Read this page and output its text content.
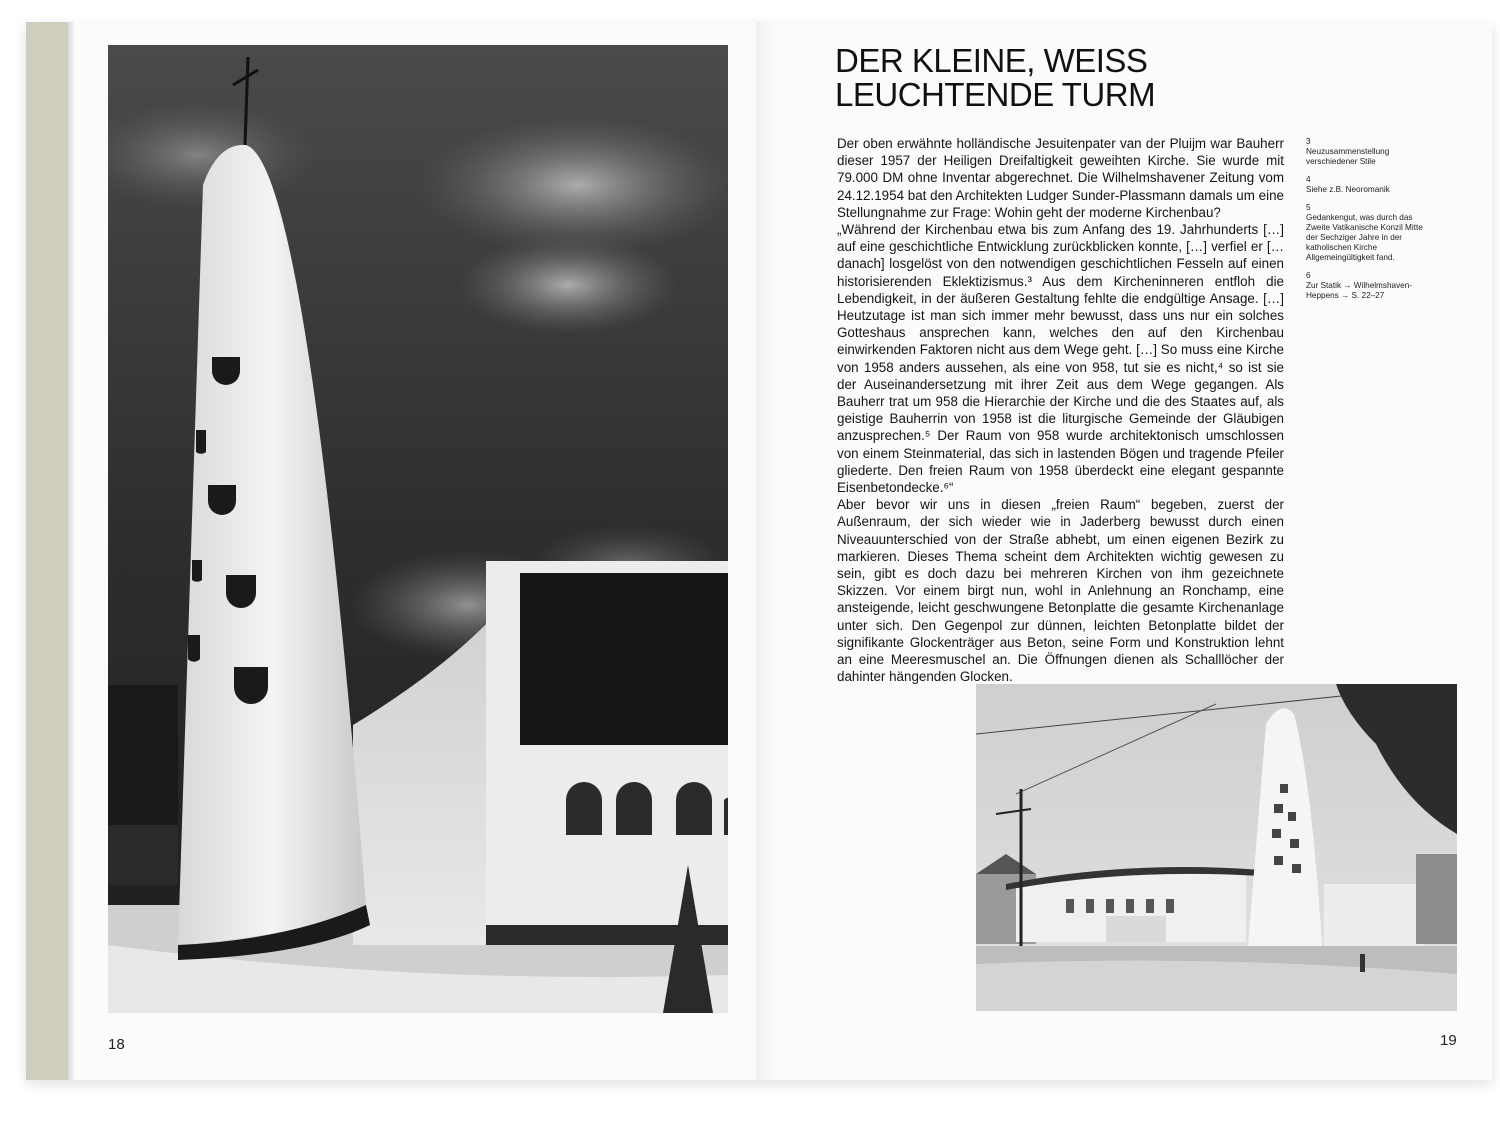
18
DER KLEINE, WEISS
LEUCHTENDE TURM

Der oben erwähnte holländische Jesuitenpater van der Pluijm war Bauherr dieser 1957 der Heiligen Dreifaltigkeit geweihten Kirche. Sie wurde mit 79.000 DM ohne Inventar abgerechnet. Die Wilhelmshavener Zeitung vom 24.12.1954 bat den Architekten Ludger Sunder-Plassmann damals um eine Stellungnahme zur Frage: Wohin geht der moderne Kirchenbau?

„Während der Kirchenbau etwa bis zum Anfang des 19. Jahrhunderts […] auf eine geschichtliche Entwicklung zurückblicken konnte, […] verfiel er [… danach] losgelöst von den notwendigen geschichtlichen Fesseln auf einen historisierenden Eklektizismus.³ Aus dem Kircheninneren entfloh die Lebendigkeit, in der äußeren Gestaltung fehlte die endgültige Ansage. […] Heutzutage ist man sich immer mehr bewusst, dass uns nur ein solches Gotteshaus ansprechen kann, welches den auf den Kirchenbau einwirkenden Faktoren nicht aus dem Wege geht. […] So muss eine Kirche von 1958 anders aussehen, als eine von 958, tut sie es nicht,⁴ so ist sie der Auseinandersetzung mit ihrer Zeit aus dem Wege gegangen. Als Bauherr trat um 958 die Hierarchie der Kirche und die des Staates auf, als geistige Bauherrin von 1958 ist die liturgische Gemeinde der Gläubigen anzusprechen.⁵ Der Raum von 958 wurde architektonisch umschlossen von einem Steinmaterial, das sich in lastenden Bögen und tragende Pfeiler gliederte. Den freien Raum von 1958 überdeckt eine elegant gespannte Eisenbetondecke.⁶“

Aber bevor wir uns in diesen „freien Raum“ begeben, zuerst der Außenraum, der sich wieder wie in Jaderberg bewusst durch einen Niveauunterschied von der Straße abhebt, um einen eigenen Bezirk zu markieren. Dieses Thema scheint dem Architekten wichtig gewesen zu sein, gibt es doch dazu bei mehreren Kirchen von ihm gezeichnete Skizzen. Vor einem birgt nun, wohl in Anlehnung an Ronchamp, eine ansteigende, leicht geschwungene Betonplatte die gesamte Kirchenanlage unter sich. Den Gegenpol zur dünnen, leichten Betonplatte bildet der signifikante Glockenträger aus Beton, seine Form und Konstruktion lehnt an eine Meeresmuschel an. Die Öffnungen dienen als Schalllöcher der dahinter hängenden Glocken.

3
Neuzusammenstellung verschiedener Stile
4
Siehe z.B. Neoromanik
5
Gedankengut, was durch das Zweite Vatikanische Konzil Mitte der Sechziger Jahre in der katholischen Kirche Allgemeingültigkeit fand.
6
Zur Statik → Wilhelmshaven-Heppens → S. 22–27
19
